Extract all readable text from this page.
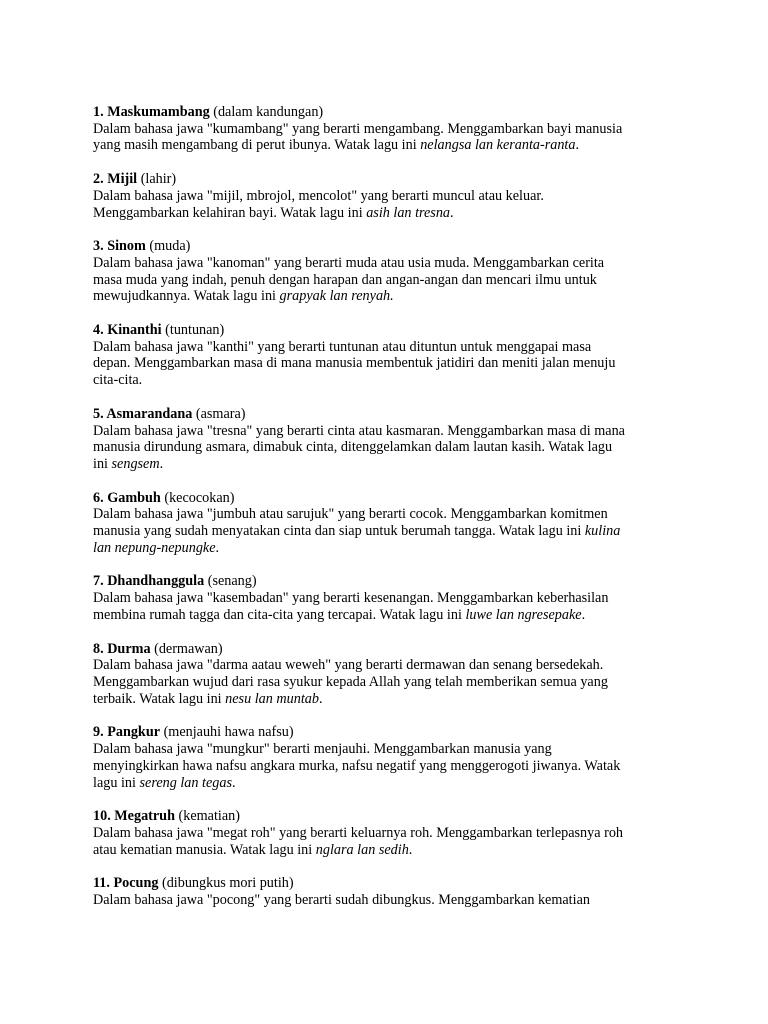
1. Maskumambang (dalam kandungan)
Dalam bahasa jawa "kumambang" yang berarti mengambang. Menggambarkan bayi manusia
yang masih mengambang di perut ibunya. Watak lagu ini nelangsa lan keranta-ranta.
2. Mijil (lahir)
Dalam bahasa jawa "mijil, mbrojol, mencolot" yang berarti muncul atau keluar.
Menggambarkan kelahiran bayi. Watak lagu ini asih lan tresna.
3. Sinom (muda)
Dalam bahasa jawa "kanoman" yang berarti muda atau usia muda. Menggambarkan cerita
masa muda yang indah, penuh dengan harapan dan angan-angan dan mencari ilmu untuk
mewujudkannya. Watak lagu ini grapyak lan renyah.
4. Kinanthi (tuntunan)
Dalam bahasa jawa "kanthi" yang berarti tuntunan atau dituntun untuk menggapai masa
depan. Menggambarkan masa di mana manusia membentuk jatidiri dan meniti jalan menuju
cita-cita.
5. Asmarandana (asmara)
Dalam bahasa jawa "tresna" yang berarti cinta atau kasmaran. Menggambarkan masa di mana
manusia dirundung asmara, dimabuk cinta, ditenggelamkan dalam lautan kasih. Watak lagu
ini sengsem.
6. Gambuh (kecocokan)
Dalam bahasa jawa "jumbuh atau sarujuk" yang berarti cocok. Menggambarkan komitmen
manusia yang sudah menyatakan cinta dan siap untuk berumah tangga. Watak lagu ini kulina
lan nepung-nepungke.
7. Dhandhanggula (senang)
Dalam bahasa jawa "kasembadan" yang berarti kesenangan. Menggambarkan keberhasilan
membina rumah tagga dan cita-cita yang tercapai. Watak lagu ini luwe lan ngresepake.
8. Durma (dermawan)
Dalam bahasa jawa "darma aatau weweh" yang berarti dermawan dan senang bersedekah.
Menggambarkan wujud dari rasa syukur kepada Allah yang telah memberikan semua yang
terbaik. Watak lagu ini nesu lan muntab.
9. Pangkur (menjauhi hawa nafsu)
Dalam bahasa jawa "mungkur" berarti menjauhi. Menggambarkan manusia yang
menyingkirkan hawa nafsu angkara murka, nafsu negatif yang menggerogoti jiwanya. Watak
lagu ini sereng lan tegas.
10. Megatruh (kematian)
Dalam bahasa jawa "megat roh" yang berarti keluarnya roh. Menggambarkan terlepasnya roh
atau kematian manusia. Watak lagu ini nglara lan sedih.
11. Pocung (dibungkus mori putih)
Dalam bahasa jawa "pocong" yang berarti sudah dibungkus. Menggambarkan kematian
